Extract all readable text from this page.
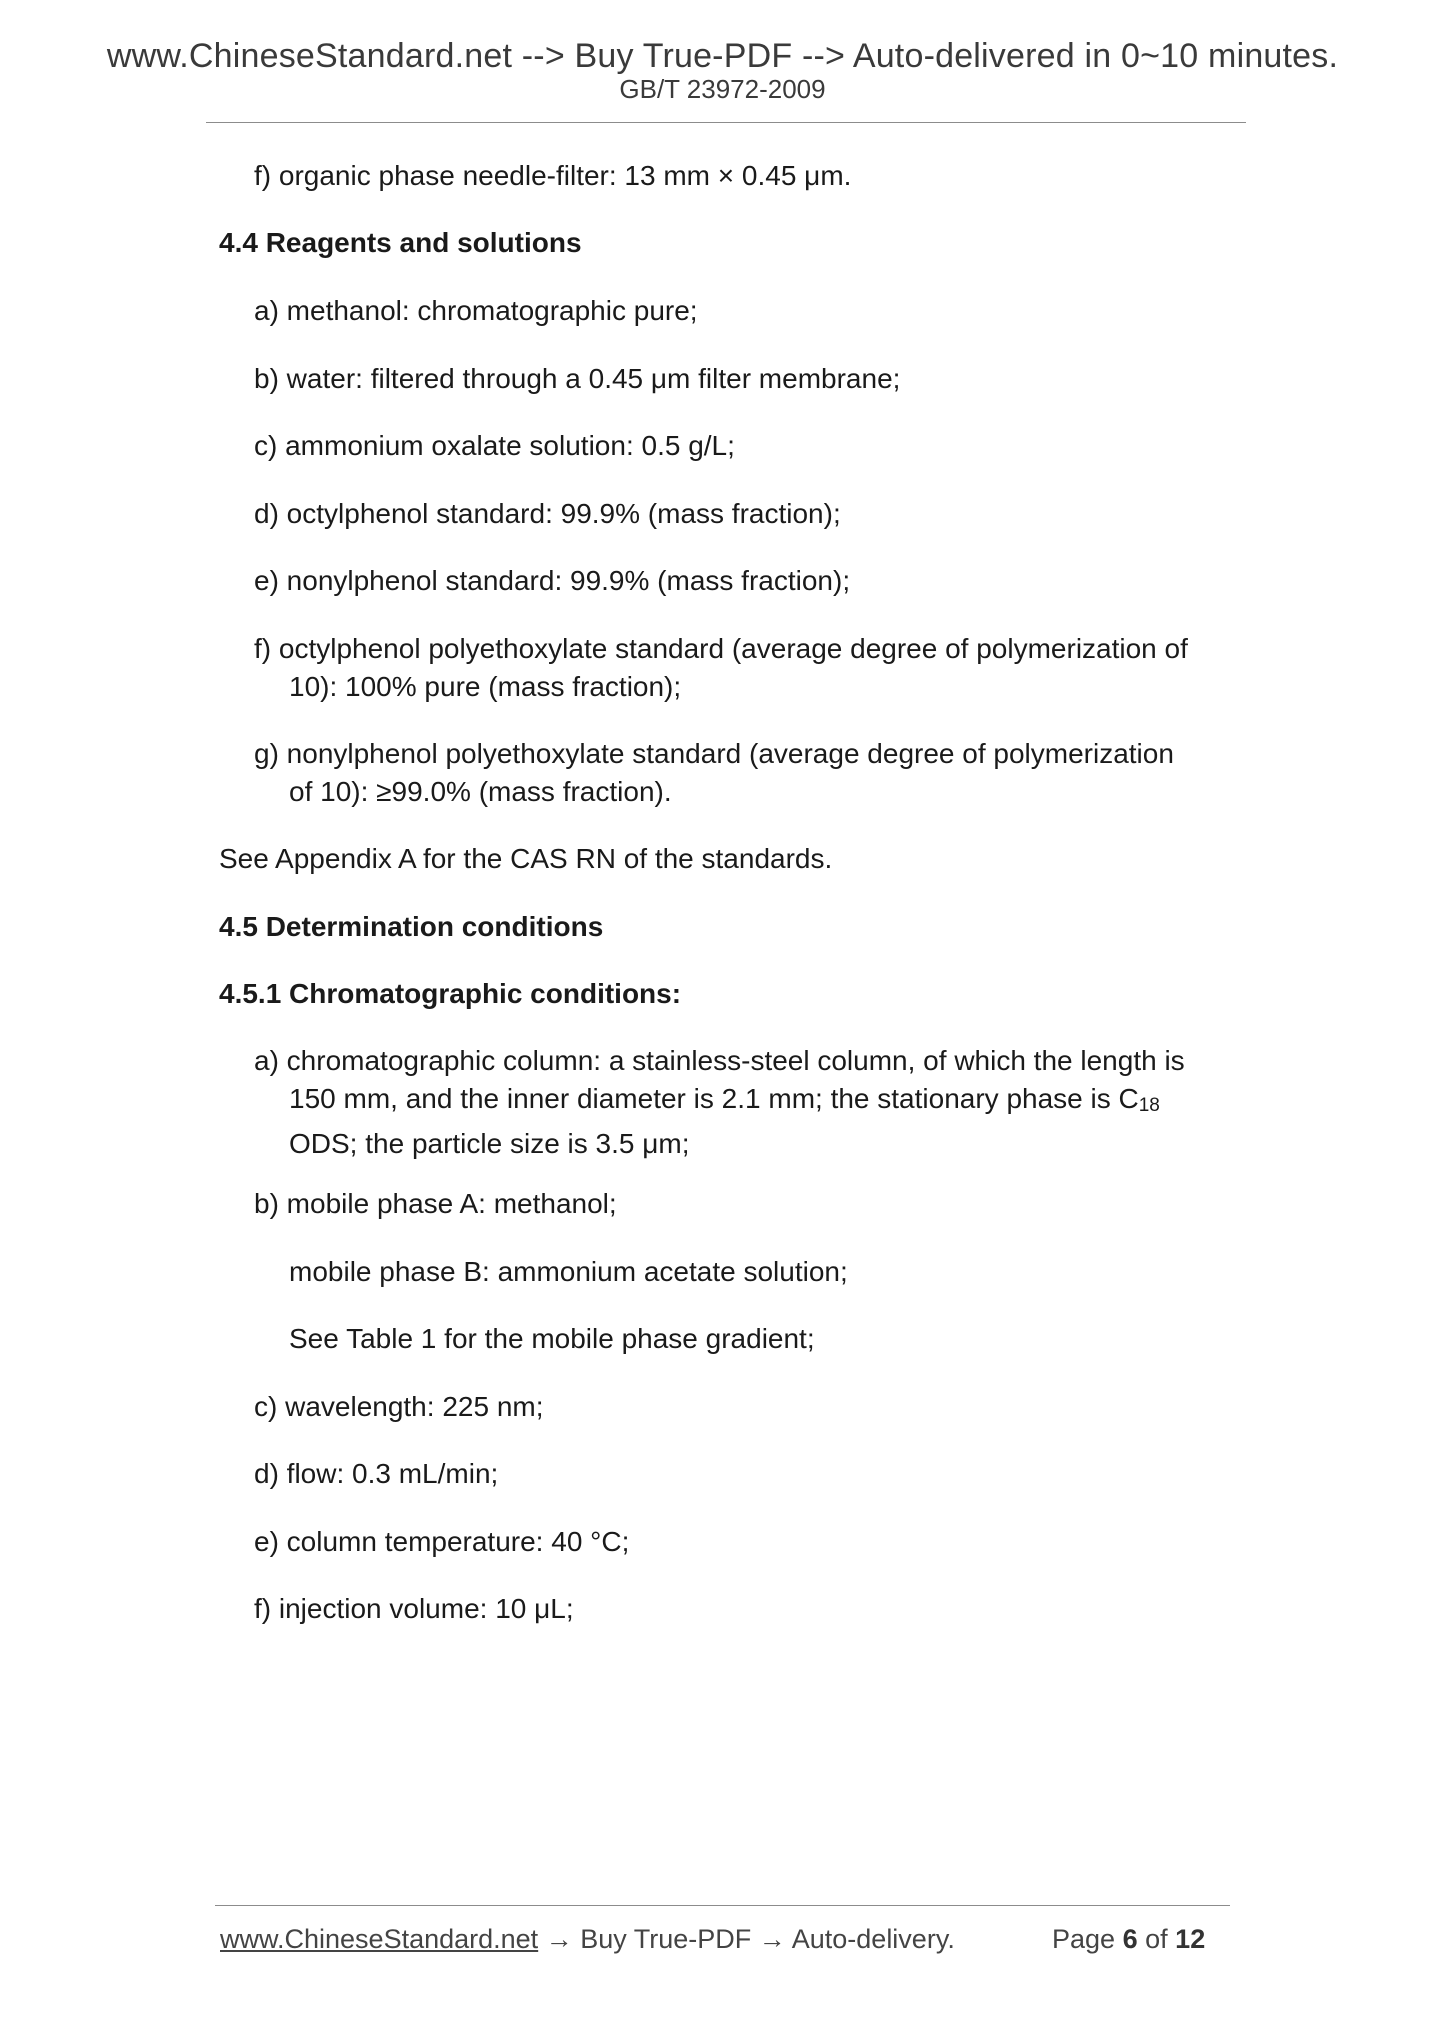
www.ChineseStandard.net --> Buy True-PDF --> Auto-delivered in 0~10 minutes.
GB/T 23972-2009
f) organic phase needle-filter: 13 mm × 0.45 μm.
4.4 Reagents and solutions
a) methanol: chromatographic pure;
b) water: filtered through a 0.45 μm filter membrane;
c) ammonium oxalate solution: 0.5 g/L;
d) octylphenol standard: 99.9% (mass fraction);
e) nonylphenol standard: 99.9% (mass fraction);
f) octylphenol polyethoxylate standard (average degree of polymerization of
10): 100% pure (mass fraction);
g) nonylphenol polyethoxylate standard (average degree of polymerization
of 10): ≥99.0% (mass fraction).
See Appendix A for the CAS RN of the standards.
4.5 Determination conditions
4.5.1 Chromatographic conditions:
a) chromatographic column: a stainless-steel column, of which the length is
150 mm, and the inner diameter is 2.1 mm; the stationary phase is C18
ODS; the particle size is 3.5 μm;
b) mobile phase A: methanol;
mobile phase B: ammonium acetate solution;
See Table 1 for the mobile phase gradient;
c) wavelength: 225 nm;
d) flow: 0.3 mL/min;
e) column temperature: 40 °C;
f) injection volume: 10 μL;
www.ChineseStandard.net → Buy True-PDF → Auto-delivery.	Page 6 of 12
